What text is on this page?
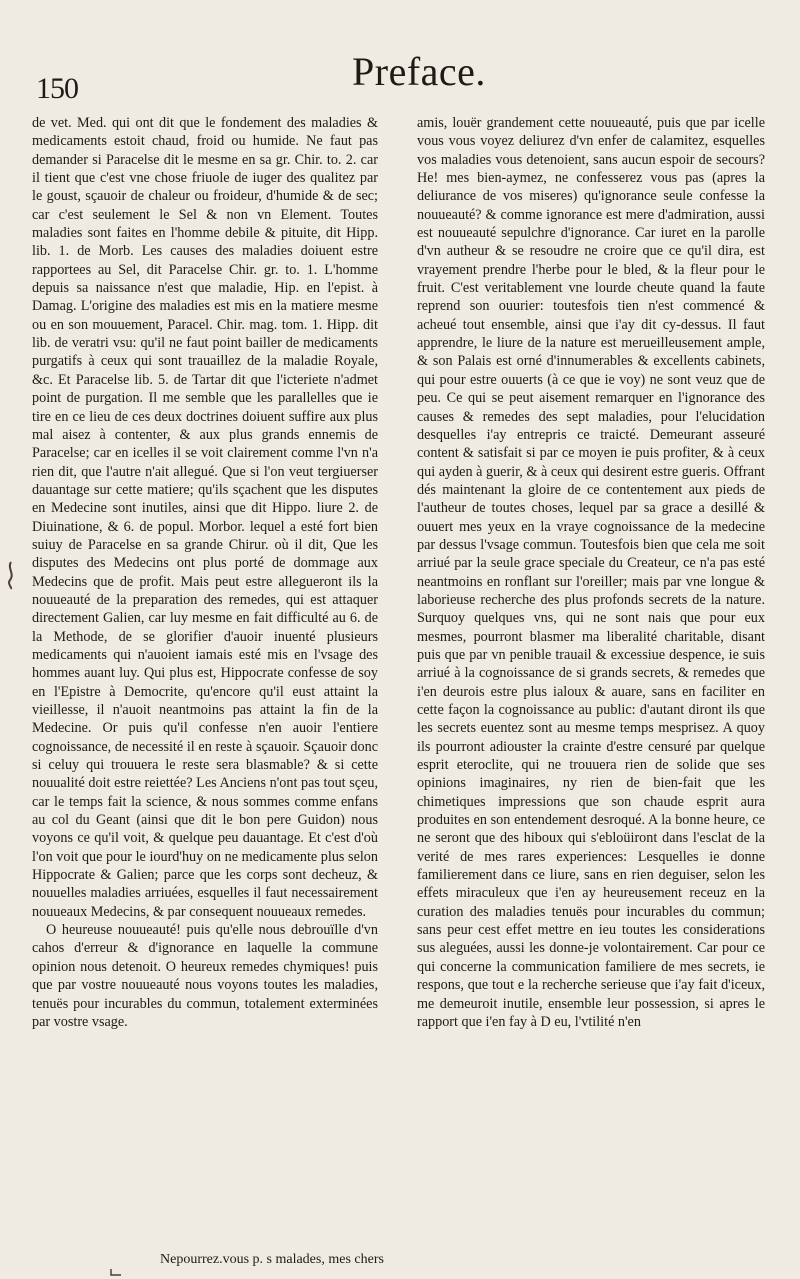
150	Preface.

de vet. Med. qui ont dit que le fondement des maladies & medicaments estoit chaud, froid ou humide. Ne faut pas demander si Paracelse dit le mesme en sa gr. Chir. to. 2. car il tient que c'est vne chose friuole de iuger des qualitez par le goust, sçauoir de chaleur ou froideur, d'humide & de sec; car c'est seulement le Sel & non vn Element. Toutes maladies sont faites en l'homme debile & pituite, dit Hipp. lib. 1. de Morb. Les causes des maladies doiuent estre rapportees au Sel, dit Paracelse Chir. gr. to. 1. L'homme depuis sa naissance n'est que maladie, Hip. en l'epist. à Damag. L'origine des maladies est mis en la matiere mesme ou en son mouuement, Paracel. Chir. mag. tom. 1. Hipp. dit lib. de veratri vsu: qu'il ne faut point bailler de medicaments purgatifs à ceux qui sont trauaillez de la maladie Royale, &c. Et Paracelse lib. 5. de Tartar dit que l'icteriete n'admet point de purgation. Il me semble que les parallelles que ie tire en ce lieu de ces deux doctrines doiuent suffire aux plus mal aisez à contenter, & aux plus grands ennemis de Paracelse; car en icelles il se voit clairement comme l'vn n'a rien dit, que l'autre n'ait allegué. Que si l'on veut tergiuerser dauantage sur cette matiere; qu'ils sçachent que les disputes en Medecine sont inutiles, ainsi que dit Hippo. liure 2. de Diuinatione, & 6. de popul. Morbor. lequel a esté fort bien suiuy de Paracelse en sa grande Chirur. où il dit, Que les disputes des Medecins ont plus porté de dommage aux Medecins que de profit. Mais peut estre allegueront ils la nouueauté de la preparation des remedes, qui est attaquer directement Galien, car luy mesme en fait difficulté au 6. de la Methode, de se glorifier d'auoir inuenté plusieurs medicaments qui n'auoient iamais esté mis en l'vsage des hommes auant luy. Qui plus est, Hippocrate confesse de soy en l'Epistre à Democrite, qu'encore qu'il eust attaint la vieillesse, il n'auoit neantmoins pas attaint la fin de la Medecine. Or puis qu'il confesse n'en auoir l'entiere cognoissance, de necessité il en reste à sçauoir. Sçauoir donc si celuy qui trouuera le reste sera blasmable? & si cette nouualité doit estre reiettée? Les Anciens n'ont pas tout sçeu, car le temps fait la science, & nous sommes comme enfans au col du Geant (ainsi que dit le bon pere Guidon) nous voyons ce qu'il voit, & quelque peu dauantage. Et c'est d'où l'on voit que pour le iourd'huy on ne medicamente plus selon Hippocrate & Galien; parce que les corps sont decheuz, & nouuelles maladies arriuées, esquelles il faut necessairement nouueaux Medecins, & par consequent nouueaux remedes.

O heureuse nouueauté! puis qu'elle nous debrouïlle d'vn cahos d'erreur & d'ignorance en laquelle la commune opinion nous detenoit. O heureux remedes chymiques! puis que par vostre nouueauté nous voyons toutes les maladies, tenuës pour incurables du commun, totalement exterminées par vostre vsage.

amis, louër grandement cette nouueauté, puis que par icelle vous vous voyez deliurez d'vn enfer de calamitez, esquelles vos maladies vous detenoient, sans aucun espoir de secours? He! mes bien-aymez, ne confesserez vous pas (apres la deliurance de vos miseres) qu'ignorance seule confesse la nouueauté? & comme ignorance est mere d'admiration, aussi est nouueauté sepulchre d'ignorance. Car iuret en la parolle d'vn autheur & se resoudre ne croire que ce qu'il dira, est vrayement prendre l'herbe pour le bled, & la fleur pour le fruit. C'est veritablement vne lourde cheute quand la faute reprend son ouurier: toutesfois tien n'est commencé & acheué tout ensemble, ainsi que i'ay dit cy-dessus. Il faut apprendre, le liure de la nature est merueilleusement ample, & son Palais est orné d'innumerables & excellents cabinets, qui pour estre ouuerts (à ce que ie voy) ne sont veuz que de peu. Ce qui se peut aisement remarquer en l'ignorance des causes & remedes des sept maladies, pour l'elucidation desquelles i'ay entrepris ce traicté. Demeurant asseuré content & satisfait si par ce moyen ie puis profiter, & à ceux qui ayden à guerir, & à ceux qui desirent estre gueris. Offrant dés maintenant la gloire de ce contentement aux pieds de l'autheur de toutes choses, lequel par sa grace a desillé & ouuert mes yeux en la vraye cognoissance de la medecine par dessus l'vsage commun. Toutesfois bien que cela me soit arriué par la seule grace speciale du Createur, ce n'a pas esté neantmoins en ronflant sur l'oreiller; mais par vne longue & laborieuse recherche des plus profonds secrets de la nature. Surquoy quelques vns, qui ne sont nais que pour eux mesmes, pourront blasmer ma liberalité charitable, disant puis que par vn penible trauail & excessiue despence, ie suis arriué à la cognoissance de si grands secrets, & remedes que i'en deurois estre plus ialoux & auare, sans en faciliter en cette façon la cognoissance au public: d'autant diront ils que les secrets euentez sont au mesme temps mesprisez. A quoy ils pourront adiouster la crainte d'estre censuré par quelque esprit eteroclite, qui ne trouuera rien de solide que ses opinions imaginaires, ny rien de bien-fait que les chimetiques impressions que son chaude esprit aura produites en son entendement desroqué. A la bonne heure, ce ne seront que des hiboux qui s'ebloüiront dans l'esclat de la verité de mes rares experiences: Lesquelles ie donne familierement dans ce liure, sans en rien deguiser, selon les effets miraculeux que i'en ay heureusement receuz en la curation des maladies tenuës pour incurables du commun; sans peur cest effet mettre en ieu toutes les considerations sus aleguées, aussi les donne-je volontairement. Car pour ce qui concerne la communication familiere de mes secrets, ie respons, que tout e la recherche serieuse que i'ay fait d'iceux, me demeuroit inutile, ensemble leur possession, si apres le rapport que i'en fay à D eu, l'vtilité n'en

Nepourrez.vous p. s malades, mes chers
